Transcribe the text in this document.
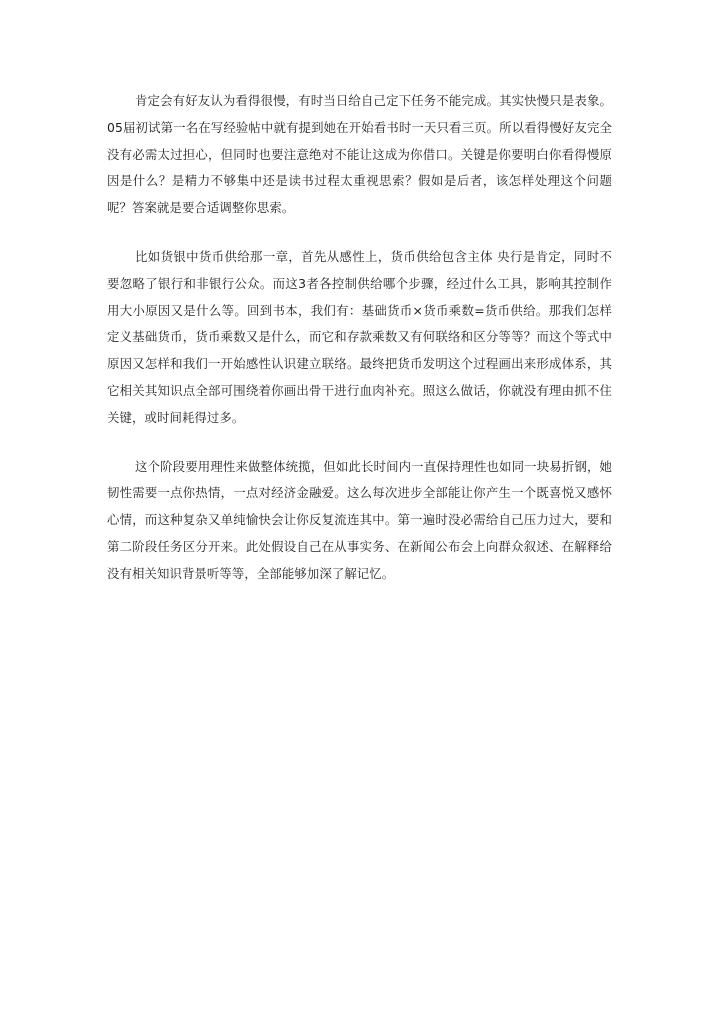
肯定会有好友认为看得很慢，有时当日给自己定下任务不能完成。其实快慢只是表象。05届初试第一名在写经验帖中就有提到她在开始看书时一天只看三页。所以看得慢好友完全没有必需太过担心，但同时也要注意绝对不能让这成为你借口。关键是你要明白你看得慢原因是什么？是精力不够集中还是读书过程太重视思索？假如是后者，该怎样处理这个问题呢？答案就是要合适调整你思索。

比如货银中货币供给那一章，首先从感性上，货币供给包含主体 央行是肯定，同时不要忽略了银行和非银行公众。而这3者各控制供给哪个步骤，经过什么工具，影响其控制作用大小原因又是什么等。回到书本，我们有：基础货币×货币乘数=货币供给。那我们怎样定义基础货币，货币乘数又是什么，而它和存款乘数又有何联络和区分等等？而这个等式中原因又怎样和我们一开始感性认识建立联络。最终把货币发明这个过程画出来形成体系，其它相关其知识点全部可围绕着你画出骨干进行血肉补充。照这么做话，你就没有理由抓不住关键，或时间耗得过多。

这个阶段要用理性来做整体统揽，但如此长时间内一直保持理性也如同一块易折钢，她韧性需要一点你热情，一点对经济金融爱。这么每次进步全部能让你产生一个既喜悦又感怀心情，而这种复杂又单纯愉快会让你反复流连其中。第一遍时没必需给自己压力过大，要和第二阶段任务区分开来。此处假设自己在从事实务、在新闻公布会上向群众叙述、在解释给没有相关知识背景听等等，全部能够加深了解记忆。
